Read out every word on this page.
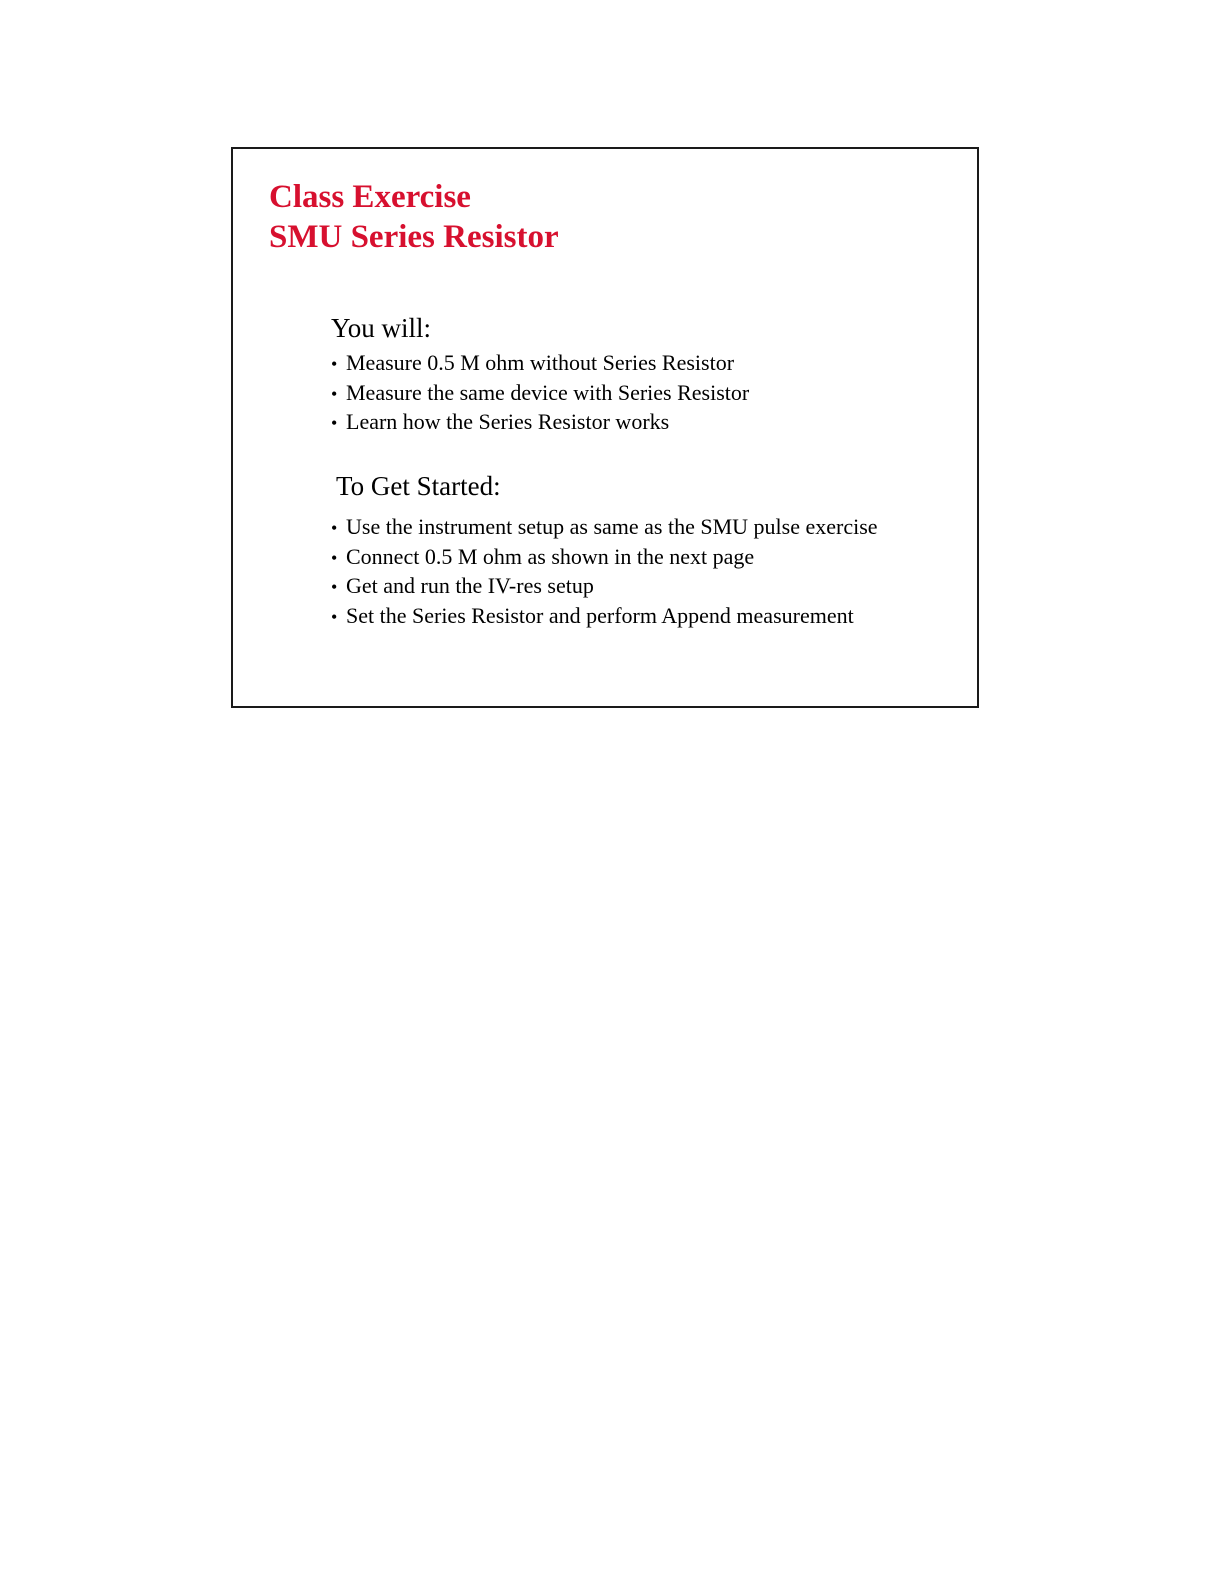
Class Exercise
SMU Series Resistor
You will:
• Measure 0.5 M ohm without Series Resistor
• Measure the same device with Series Resistor
• Learn how the Series Resistor works
To Get Started:
• Use the instrument setup as same as the SMU pulse exercise
• Connect 0.5 M ohm as shown in the next page
• Get and run the IV-res setup
• Set the Series Resistor and perform Append measurement
